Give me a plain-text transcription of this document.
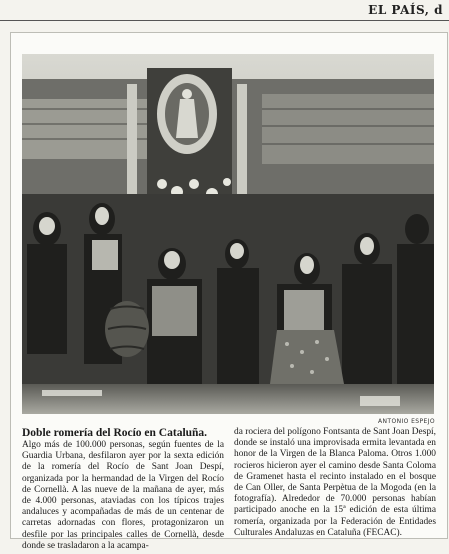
EL PAÍS, d
ANTONIO ESPEJO
Doble romería del Rocío en Cataluña.
Algo más de 100.000 personas, según fuentes de la Guardia Urbana, desfilaron ayer por la sexta edición de la romería del Rocío de Sant Joan Despí, organizada por la hermandad de la Virgen del Rocío de Cornellà. A las nueve de la mañana de ayer, más de 4.000 personas, ataviadas con los típicos trajes andaluces y acompañadas de más de un centenar de carretas adornadas con flores, protagonizaron un desfile por las principales calles de Cornellà, desde donde se trasladaron a la acampa-
da rociera del polígono Fontsanta de Sant Joan Despí, donde se instaló una improvisada ermita levantada en honor de la Virgen de la Blanca Paloma. Otros 1.000 rocieros hicieron ayer el camino desde Santa Coloma de Gramenet hasta el recinto instalado en el bosque de Can Oller, de Santa Perpètua de la Mogoda (en la fotografía). Alrededor de 70.000 personas habían participado anoche en la 15ª edición de esta última romería, organizada por la Federación de Entidades Culturales Andaluzas en Cataluña (FECAC).
